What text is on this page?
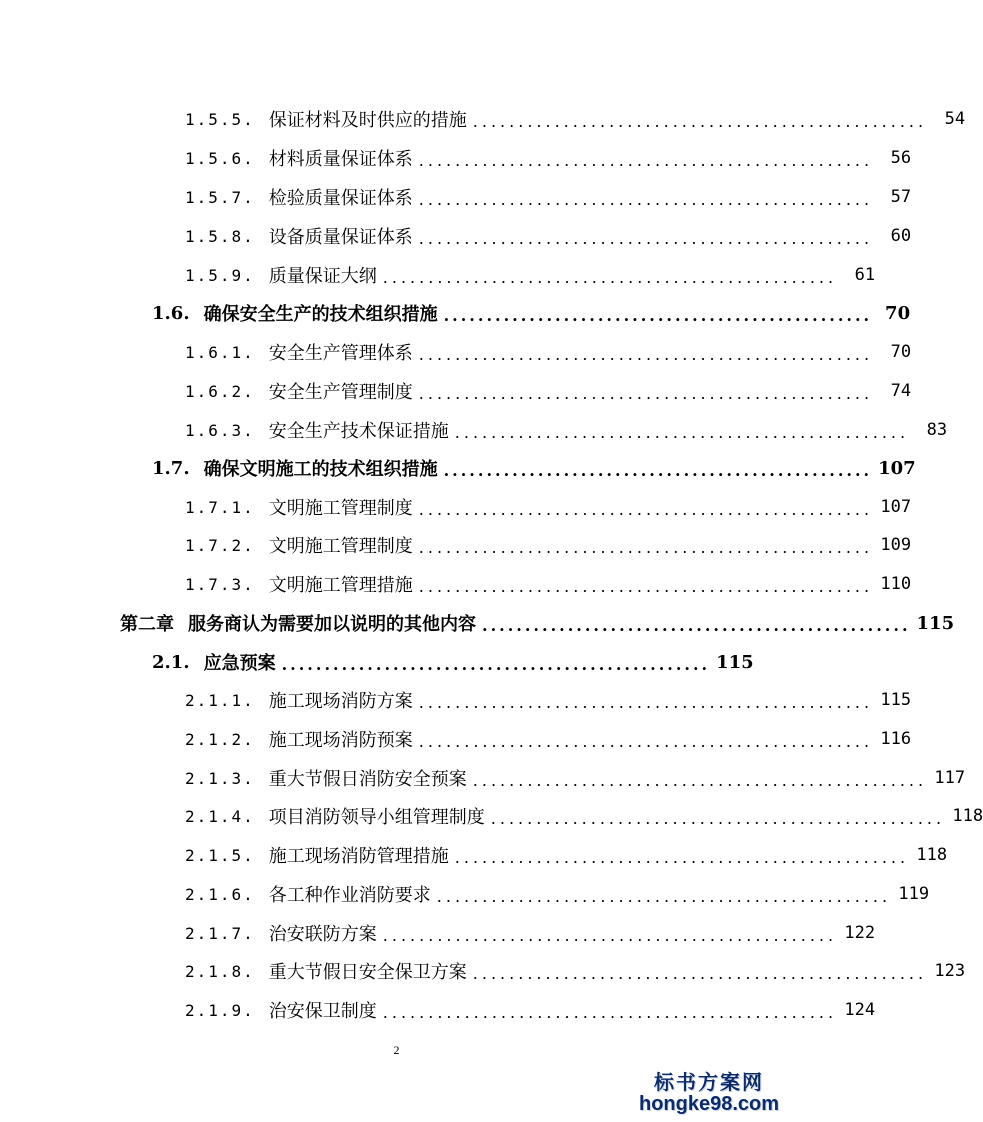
1.5.5. 保证材料及时供应的措施 ..................................................	54
1.5.6. 材料质量保证体系 ..................................................	56
1.5.7. 检验质量保证体系 ..................................................	57
1.5.8. 设备质量保证体系 ..................................................	60
1.5.9. 质量保证大纲 ..................................................	61
1.6. 确保安全生产的技术组织措施 .................................................. 70
1.6.1. 安全生产管理体系 ..................................................	70
1.6.2. 安全生产管理制度 ..................................................	74
1.6.3. 安全生产技术保证措施 ..................................................	83
1.7. 确保文明施工的技术组织措施 .................................................. 107
1.7.1. 文明施工管理制度 .................................................. 107
1.7.2. 文明施工管理制度 .................................................. 109
1.7.3. 文明施工管理措施 .................................................. 110
第二章 服务商认为需要加以说明的其他内容 .................................................. 115
2.1. 应急预案 .................................................. 115
2.1.1. 施工现场消防方案 .................................................. 115
2.1.2. 施工现场消防预案 .................................................. 116
2.1.3. 重大节假日消防安全预案 .................................................. 117
2.1.4. 项目消防领导小组管理制度 .................................................. 118
2.1.5. 施工现场消防管理措施 .................................................. 118
2.1.6. 各工种作业消防要求 .................................................. 119
2.1.7. 治安联防方案 .................................................. 122
2.1.8. 重大节假日安全保卫方案 .................................................. 123
2.1.9. 治安保卫制度 .................................................. 124
2
标书方案网
hongke98.com
